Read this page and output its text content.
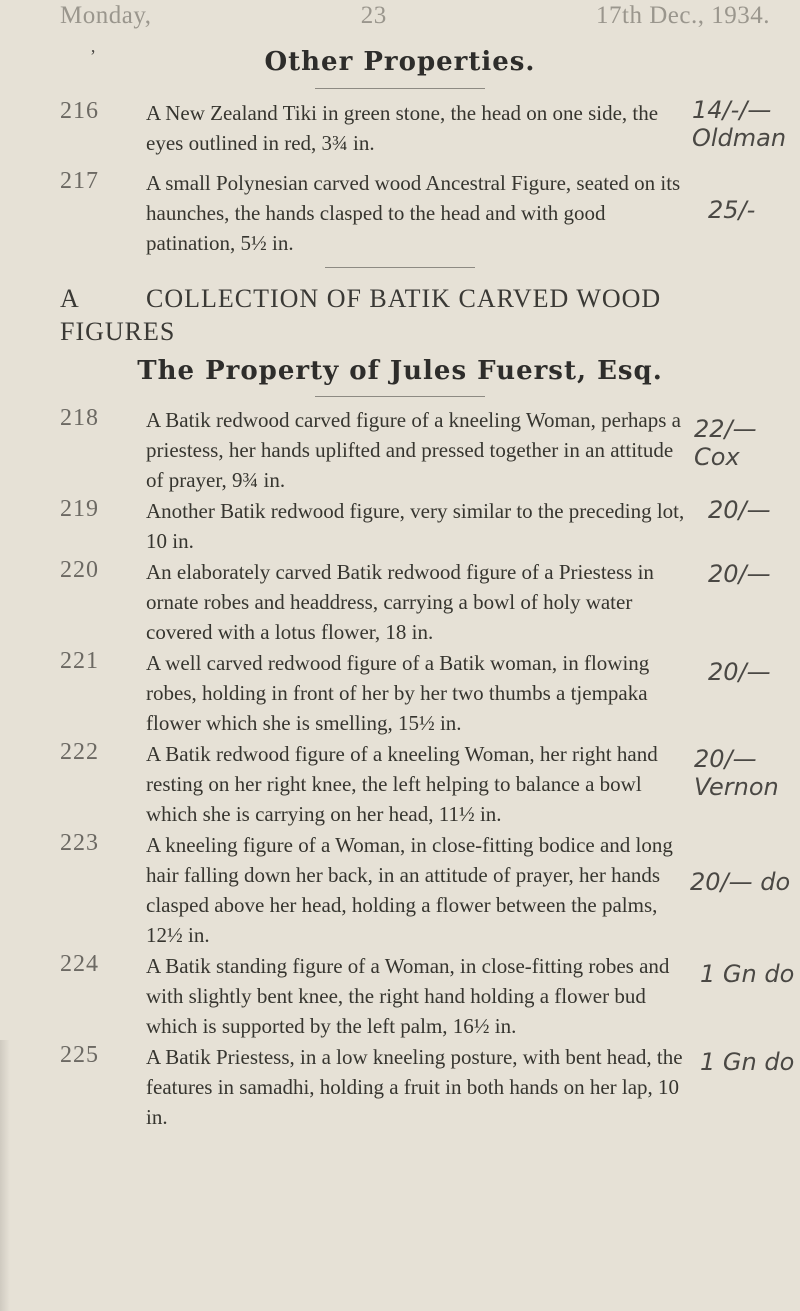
Monday,	23	17th Dec., 1934.
‚
Other Properties.
216 A New Zealand Tiki in green stone, the head on one side, the eyes outlined in red, 3¾ in.
14/-/— Oldman
217 A small Polynesian carved wood Ancestral Figure, seated on its haunches, the hands clasped to the head and with good patination, 5½ in.
25/-
A	COLLECTION OF BATIK CARVED WOOD FIGURES
The Property of Jules Fuerst, Esq.
218 A Batik redwood carved figure of a kneeling Woman, perhaps a priestess, her hands uplifted and pressed together in an attitude of prayer, 9¾ in.
22/— Cox
219 Another Batik redwood figure, very similar to the preceding lot, 10 in.
20/—
220 An elaborately carved Batik redwood figure of a Priestess in ornate robes and headdress, carrying a bowl of holy water covered with a lotus flower, 18 in.
20/—
221 A well carved redwood figure of a Batik woman, in flowing robes, holding in front of her by her two thumbs a tjempaka flower which she is smelling, 15½ in.
20/—
222 A Batik redwood figure of a kneeling Woman, her right hand resting on her right knee, the left helping to balance a bowl which she is carrying on her head, 11½ in.
20/— Vernon
223 A kneeling figure of a Woman, in close-fitting bodice and long hair falling down her back, in an attitude of prayer, her hands clasped above her head, holding a flower between the palms, 12½ in.
20/— do
224 A Batik standing figure of a Woman, in close-fitting robes and with slightly bent knee, the right hand holding a flower bud which is supported by the left palm, 16½ in.
1 Gn do
225 A Batik Priestess, in a low kneeling posture, with bent head, the features in samadhi, holding a fruit in both hands on her lap, 10 in.
1 Gn do
